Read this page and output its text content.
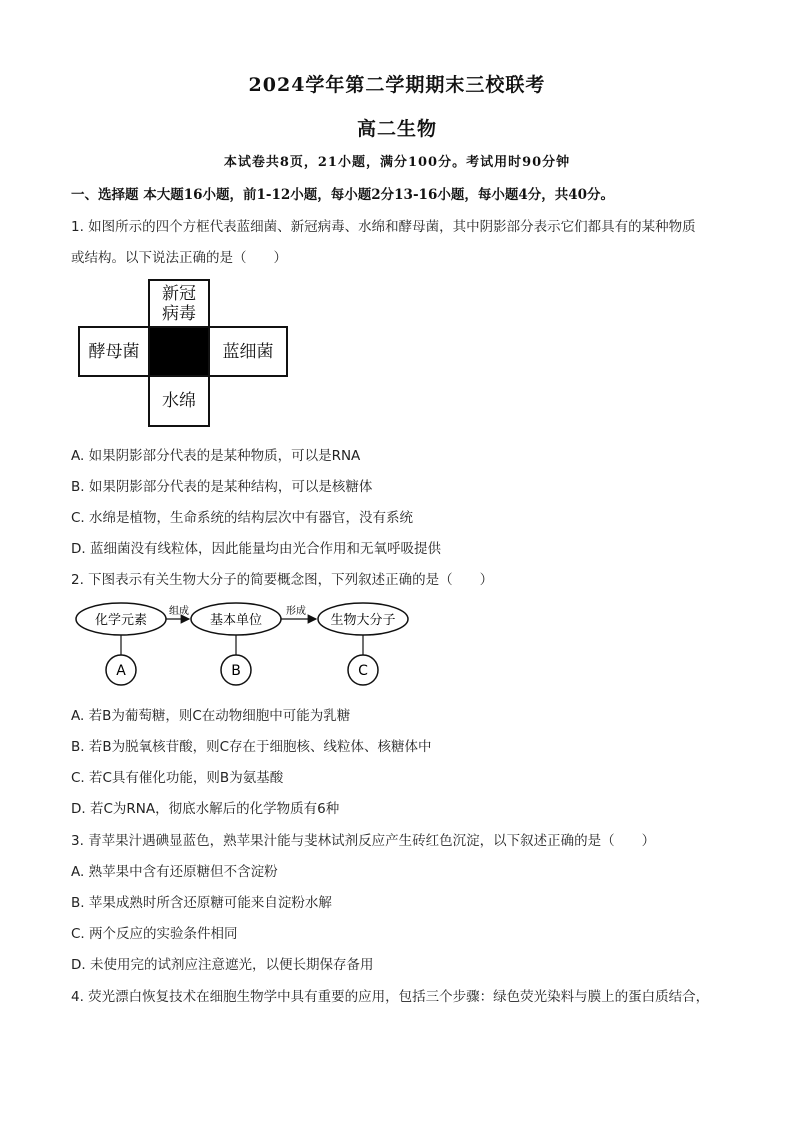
2024学年第二学期期末三校联考
高二生物
本试卷共8页，21小题，满分100分。考试用时90分钟
一、选择题 本大题16小题，前1-12小题，每小题2分13-16小题，每小题4分，共40分。
1. 如图所示的四个方框代表蓝细菌、新冠病毒、水绵和酵母菌，其中阴影部分表示它们都具有的某种物质
或结构。以下说法正确的是（　　）
新冠
病毒
酵母菌	蓝细菌
水绵
A. 如果阴影部分代表的是某种物质，可以是RNA
B. 如果阴影部分代表的是某种结构，可以是核糖体
C. 水绵是植物，生命系统的结构层次中有器官，没有系统
D. 蓝细菌没有线粒体，因此能量均由光合作用和无氧呼吸提供
2. 下图表示有关生物大分子的简要概念图，下列叙述正确的是（　　）
化学元素	基本单位	生物大分子
组成	形成
A	B	C
A. 若B为葡萄糖，则C在动物细胞中可能为乳糖
B. 若B为脱氧核苷酸，则C存在于细胞核、线粒体、核糖体中
C. 若C具有催化功能，则B为氨基酸
D. 若C为RNA，彻底水解后的化学物质有6种
3. 青苹果汁遇碘显蓝色，熟苹果汁能与斐林试剂反应产生砖红色沉淀，以下叙述正确的是（　　）
A. 熟苹果中含有还原糖但不含淀粉
B. 苹果成熟时所含还原糖可能来自淀粉水解
C. 两个反应的实验条件相同
D. 未使用完的试剂应注意遮光，以便长期保存备用
4. 荧光漂白恢复技术在细胞生物学中具有重要的应用，包括三个步骤：绿色荧光染料与膜上的蛋白质结合，
